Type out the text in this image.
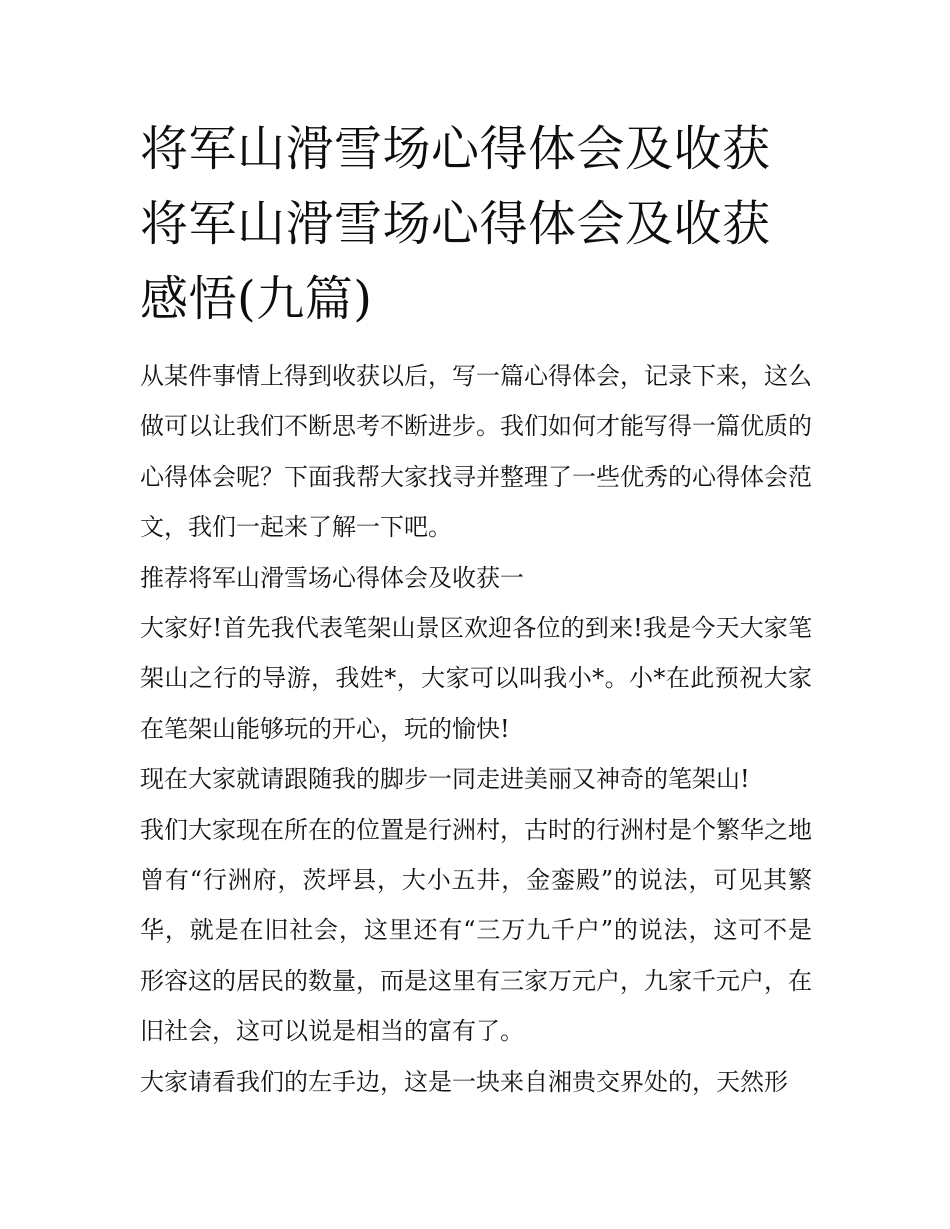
将军山滑雪场心得体会及收获将军山滑雪场心得体会及收获感悟(九篇)

从某件事情上得到收获以后，写一篇心得体会，记录下来，这么做可以让我们不断思考不断进步。我们如何才能写得一篇优质的心得体会呢？下面我帮大家找寻并整理了一些优秀的心得体会范文，我们一起来了解一下吧。

推荐将军山滑雪场心得体会及收获一

大家好!首先我代表笔架山景区欢迎各位的到来!我是今天大家笔架山之行的导游，我姓*，大家可以叫我小*。小*在此预祝大家在笔架山能够玩的开心，玩的愉快!

现在大家就请跟随我的脚步一同走进美丽又神奇的笔架山!

我们大家现在所在的位置是行洲村，古时的行洲村是个繁华之地曾有“行洲府，茨坪县，大小五井，金銮殿”的说法，可见其繁华，就是在旧社会，这里还有“三万九千户”的说法，这可不是形容这的居民的数量，而是这里有三家万元户，九家千元户，在旧社会，这可以说是相当的富有了。

大家请看我们的左手边，这是一块来自湘贵交界处的，天然形
